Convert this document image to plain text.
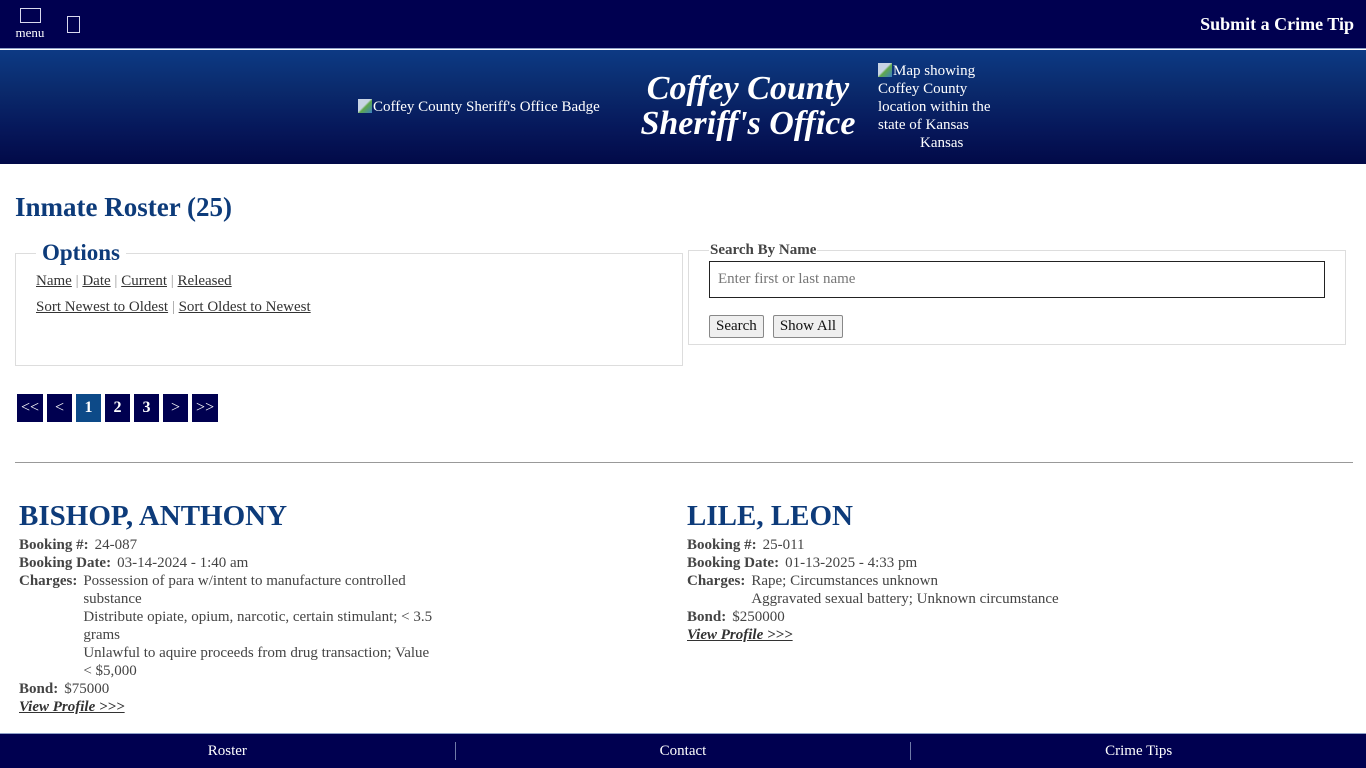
menu	Submit a Crime Tip
Coffey County Sheriff's Office Badge	Coffey County
Sheriff's Office
Map showing Coffey County location within the state of Kansas
Kansas
Inmate Roster (25)
Options
Name | Date | Current | Released
Sort Newest to Oldest | Sort Oldest to Newest
Search By Name
Enter first or last name
Search Show All
<< <	1	2	3	> >>
BISHOP, ANTHONY
Booking #: 24-087
Booking Date: 03-14-2024 - 1:40 am
Charges: Possession of para w/intent to manufacture controlled substance
Distribute opiate, opium, narcotic, certain stimulant; < 3.5 grams
Unlawful to aquire proceeds from drug transaction; Value < $5,000
Bond: $75000
View Profile >>>
LILE, LEON
Booking #: 25-011
Booking Date: 01-13-2025 - 4:33 pm
Charges: Rape; Circumstances unknown
Aggravated sexual battery; Unknown circumstance
Bond: $250000
View Profile >>>
Roster	Contact	Crime Tips
